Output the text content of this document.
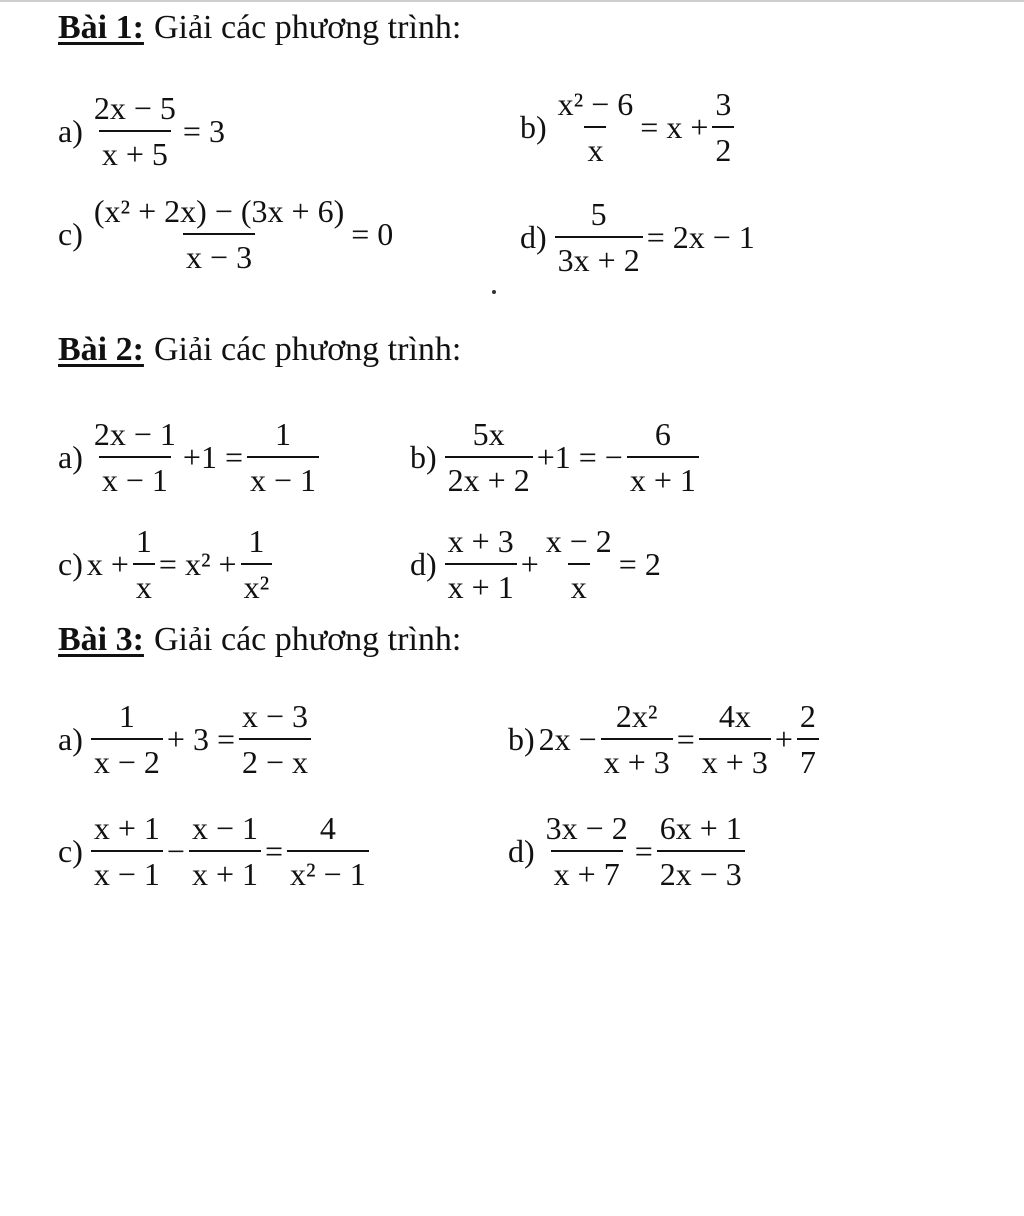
Bài 1: Giải các phương trình:
$a) \frac{2x - 5}{x + 5} = 3$	$b) \frac{\text{x² − 6}}{x} = x + \frac{3}{2}$
$c) \frac{\text{(x² + 2x) − (3x + 6)}}{x - 3} = 0$	$d) \frac{5}{3x + 2} = 2x - 1$
Bài 2: Giải các phương trình:
$a) \frac{2x - 1}{x - 1} +1 = \frac{1}{x - 1}$	$b) \frac{5x}{2x + 2} +1$ = − $\frac{6}{x + 1}$
c) $x + \frac{1}{x} = x^2 + \frac{1}{\text{x²}}$	$d) \frac{x + 3}{x + 1} + \frac{x - 2}{x} = 2$
Bài 3: Giải các phương trình:
$a) \frac{1}{x - 2} + 3 = \frac{x - 3}{2 - x}$	b) $2x - \frac{\text{2x²}}{x + 3} = \frac{4x}{x + 3} + \frac{2}{7}$
$c) \frac{x + 1}{x - 1} - \frac{x - 1}{x + 1} = \frac{4}{\text{x² − 1}}$	$d) \frac{3x - 2}{x + 7} = \frac{6x + 1}{2x - 3}$
